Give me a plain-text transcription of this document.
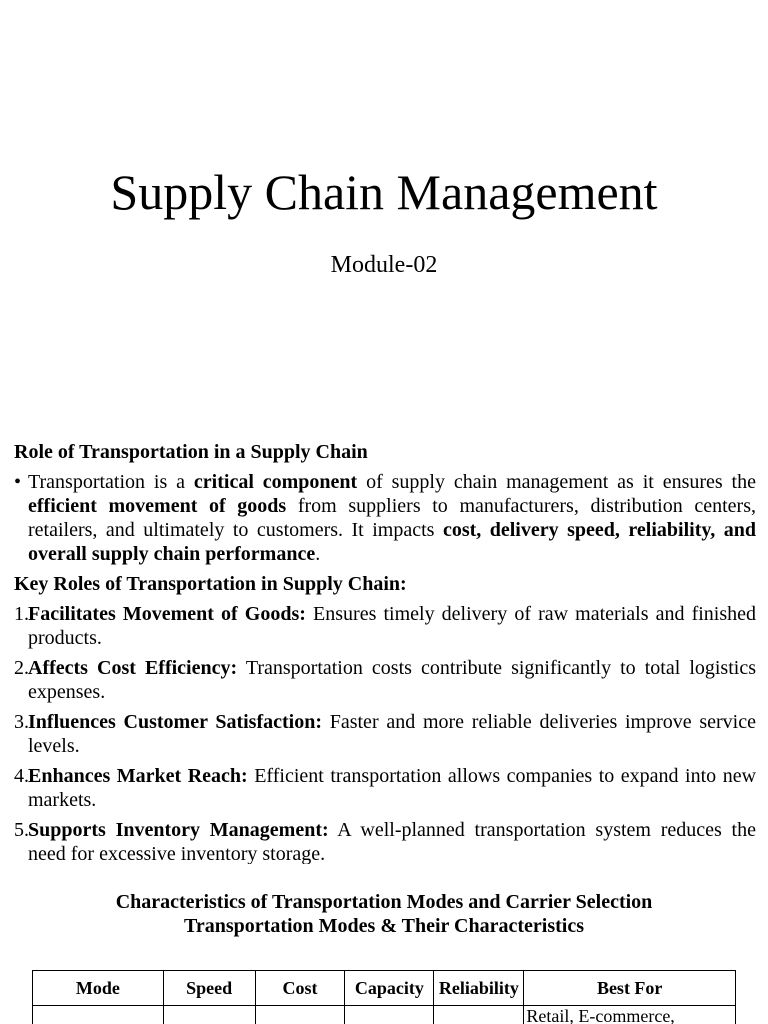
Supply Chain Management
Module-02
Role of Transportation in a Supply Chain
• Transportation is a critical component of supply chain management as it ensures the efficient movement of goods from suppliers to manufacturers, distribution centers, retailers, and ultimately to customers. It impacts cost, delivery speed, reliability, and overall supply chain performance.
Key Roles of Transportation in Supply Chain:
1. Facilitates Movement of Goods: Ensures timely delivery of raw materials and finished products.
2. Affects Cost Efficiency: Transportation costs contribute significantly to total logistics expenses.
3. Influences Customer Satisfaction: Faster and more reliable deliveries improve service levels.
4. Enhances Market Reach: Efficient transportation allows companies to expand into new markets.
5. Supports Inventory Management: A well-planned transportation system reduces the need for excessive inventory storage.
Characteristics of Transportation Modes and Carrier Selection
Transportation Modes & Their Characteristics
Mode	Speed	Cost	Capacity	Reliability	Best For
					Retail, E-commerce,
